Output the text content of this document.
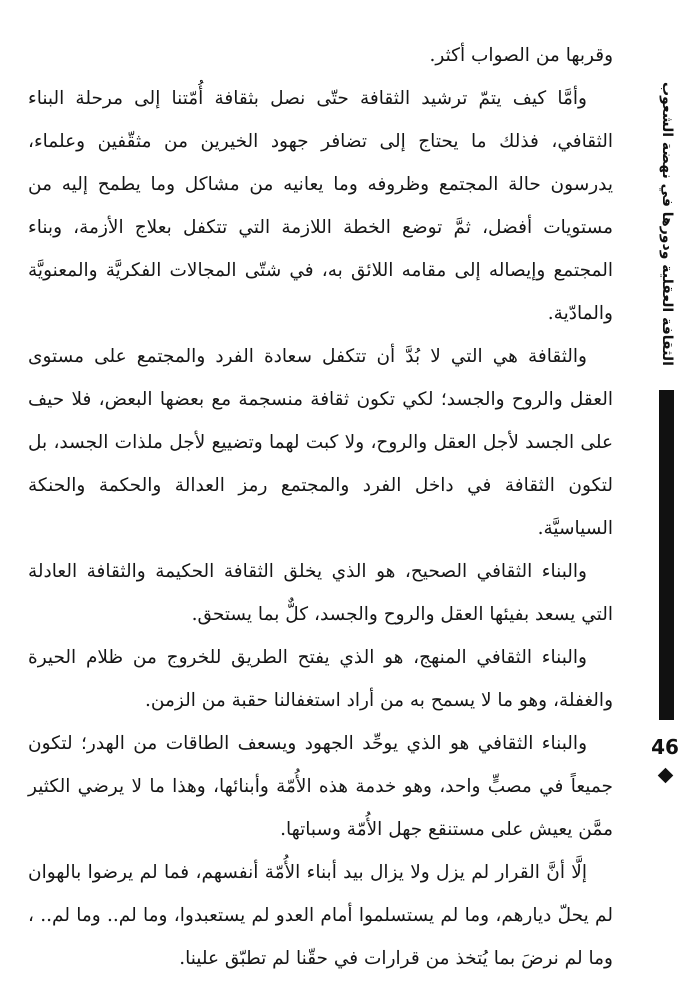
وقربها من الصواب أكثر.

وأمَّا كيف يتمّ ترشيد الثقافة حتّى نصل بثقافة أُمّتنا إلى مرحلة البناء الثقافي، فذلك ما يحتاج إلى تضافر جهود الخيرين من مثقّفين وعلماء، يدرسون حالة المجتمع وظروفه وما يعانيه من مشاكل وما يطمح إليه من مستويات أفضل، ثمَّ توضع الخطة اللازمة التي تتكفل بعلاج الأزمة، وبناء المجتمع وإيصاله إلى مقامه اللائق به، في شتّى المجالات الفكريَّة والمعنويَّة والمادّية.

والثقافة هي التي لا بُدَّ أن تتكفل سعادة الفرد والمجتمع على مستوى العقل والروح والجسد؛ لكي تكون ثقافة منسجمة مع بعضها البعض، فلا حيف على الجسد لأجل العقل والروح، ولا كبت لهما وتضييع لأجل ملذات الجسد، بل لتكون الثقافة في داخل الفرد والمجتمع رمز العدالة والحكمة والحنكة السياسيَّة.

والبناء الثقافي الصحيح، هو الذي يخلق الثقافة الحكيمة والثقافة العادلة التي يسعد بفيئها العقل والروح والجسد، كلٌّ بما يستحق.

والبناء الثقافي المنهج، هو الذي يفتح الطريق للخروج من ظلام الحيرة والغفلة، وهو ما لا يسمح به من أراد استغفالنا حقبة من الزمن.

والبناء الثقافي هو الذي يوحِّد الجهود ويسعف الطاقات من الهدر؛ لتكون جميعاً في مصبٍّ واحد، وهو خدمة هذه الأُمّة وأبنائها، وهذا ما لا يرضي الكثير ممَّن يعيش على مستنقع جهل الأُمّة وسباتها.

إلَّا أنَّ القرار لم يزل ولا يزال بيد أبناء الأُمّة أنفسهم، فما لم يرضوا بالهوان لم يحلّ ديارهم، وما لم يستسلموا أمام العدو لم يستعبدوا، وما لم.. وما لم.. ، وما لم نرضَ بما يُتخذ من قرارات في حقّنا لم تطبّق علينا.

الثقافة العقلية ودورها في نهضة الشعوب
46
